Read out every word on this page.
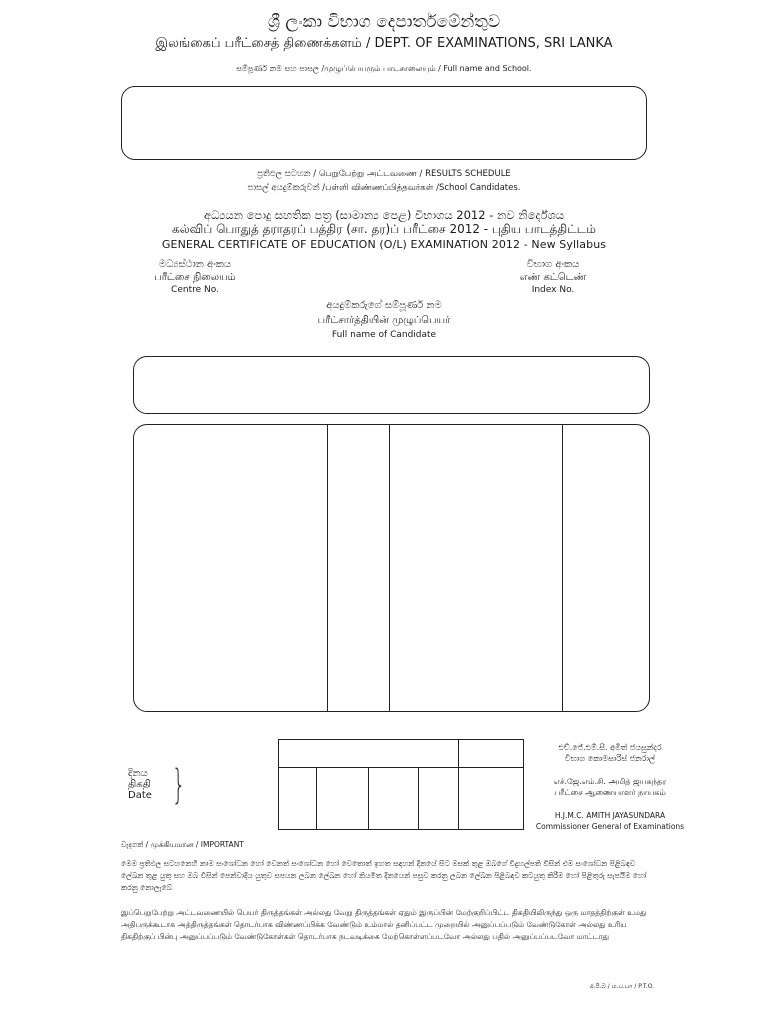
ශ්‍රී ලංකා විභාග දෙපාර්තමේන්තුව
இலங்கைப் பரீட்சைத் திணைக்களம் / DEPT. OF EXAMINATIONS, SRI LANKA
සම්පූර්ණ නම සහ පාසල /முழுப்பெயரும் பாடசாலையும் / Full name and School.
ප්‍රතිඵල සටහන / பெறுபேற்று அட்டவணை / RESULTS SCHEDULE
පාසල් අයදුම්කරුවන් /பள்ளி விண்ணப்பித்தவர்கள் /School Candidates.
අධ්‍යයන පොදු සහතික පත්‍ර (සාමාන්‍ය පෙළ) විභාගය 2012 - නව නිර්දේශය
கல்விப் பொதுத் தராதரப் பத்திர (சா. தர)ப் பரீட்சை 2012 - புதிய பாடத்திட்டம்
GENERAL CERTIFICATE OF EDUCATION (O/L) EXAMINATION 2012 - New Syllabus
මධ්‍යස්ථාන අංකය
பரீட்சை நிலையம்
Centre No.
විභාග අංකය
எண் கட்டெண்
Index No.
අයදුම්කරුගේ සම්පූර්ණ නම
பரீட்சார்த்தியின் முழுப்பெயர்
Full name of Candidate
දිනය
திகதி
Date }
එච්.ජේ.එම්.සී. අමිත් ජයසුන්දර
විභාග කොමසාරිස් ජනරාල්
எச்.ஜே.எம்.சி. அமித் ஜயசுந்தர
பரீட்சை ஆணையாளர் நாயகம்
H.J.M.C. AMITH JAYASUNDARA
Commissioner General of Examinations
වැදගත් / முக்கியமான / IMPORTANT
මෙම ප්‍රතිඵල සටහනෙහි නාම සංශෝධන හෝ වෙනත් සංශෝධන හෝ වෙතොත් ඉහත සඳහන් දිනයේ සිට මසක් තුළ ඔබගේ විදුහල්පති විසින් එම සංශෝධන පිළිබඳව ලේඛන තුළ යුතු සහ ඔබ විසින් පෙන්වාදිය යුතුව සපයන ලබන ලේඛන හෝ නියමිත දිනයෙන් පසුව කරනු ලබන ලේඛන පිළිබඳව කටයුතු කිරීම හෝ පිළිතුරු සැපයීම හෝ කරනු නොලැබේ
இப்பெறுபேற்று அட்டவணையில் பெயர் திருத்தங்கள் அல்லது வேறு திருத்தங்கள் ஏதும் இருப்பின் மேற்குறிப்பிட்ட திகதியிலிருந்து ஒரு மாதத்திற்குள் உமது அதிபருக்கூடாக அத்திருத்தங்கள் தொடர்பாக விண்ணப்பிக்க வேண்டும் உம்மால் தனிப்பட்ட முறையில் அனுப்பப்படும் வேண்டுகோள் அல்லது உரிய திகதிற்குப் பின்பு அனுப்பப்படும் வேண்டுகோள்கள் தொடர்பாக நடவடிக்கை மேற்கொள்ளப்படவோ அல்லது பதில் அனுப்பப்படவோ மாட்டாது
අ.පි.බ / ம.ப.பா / P.T.O.
